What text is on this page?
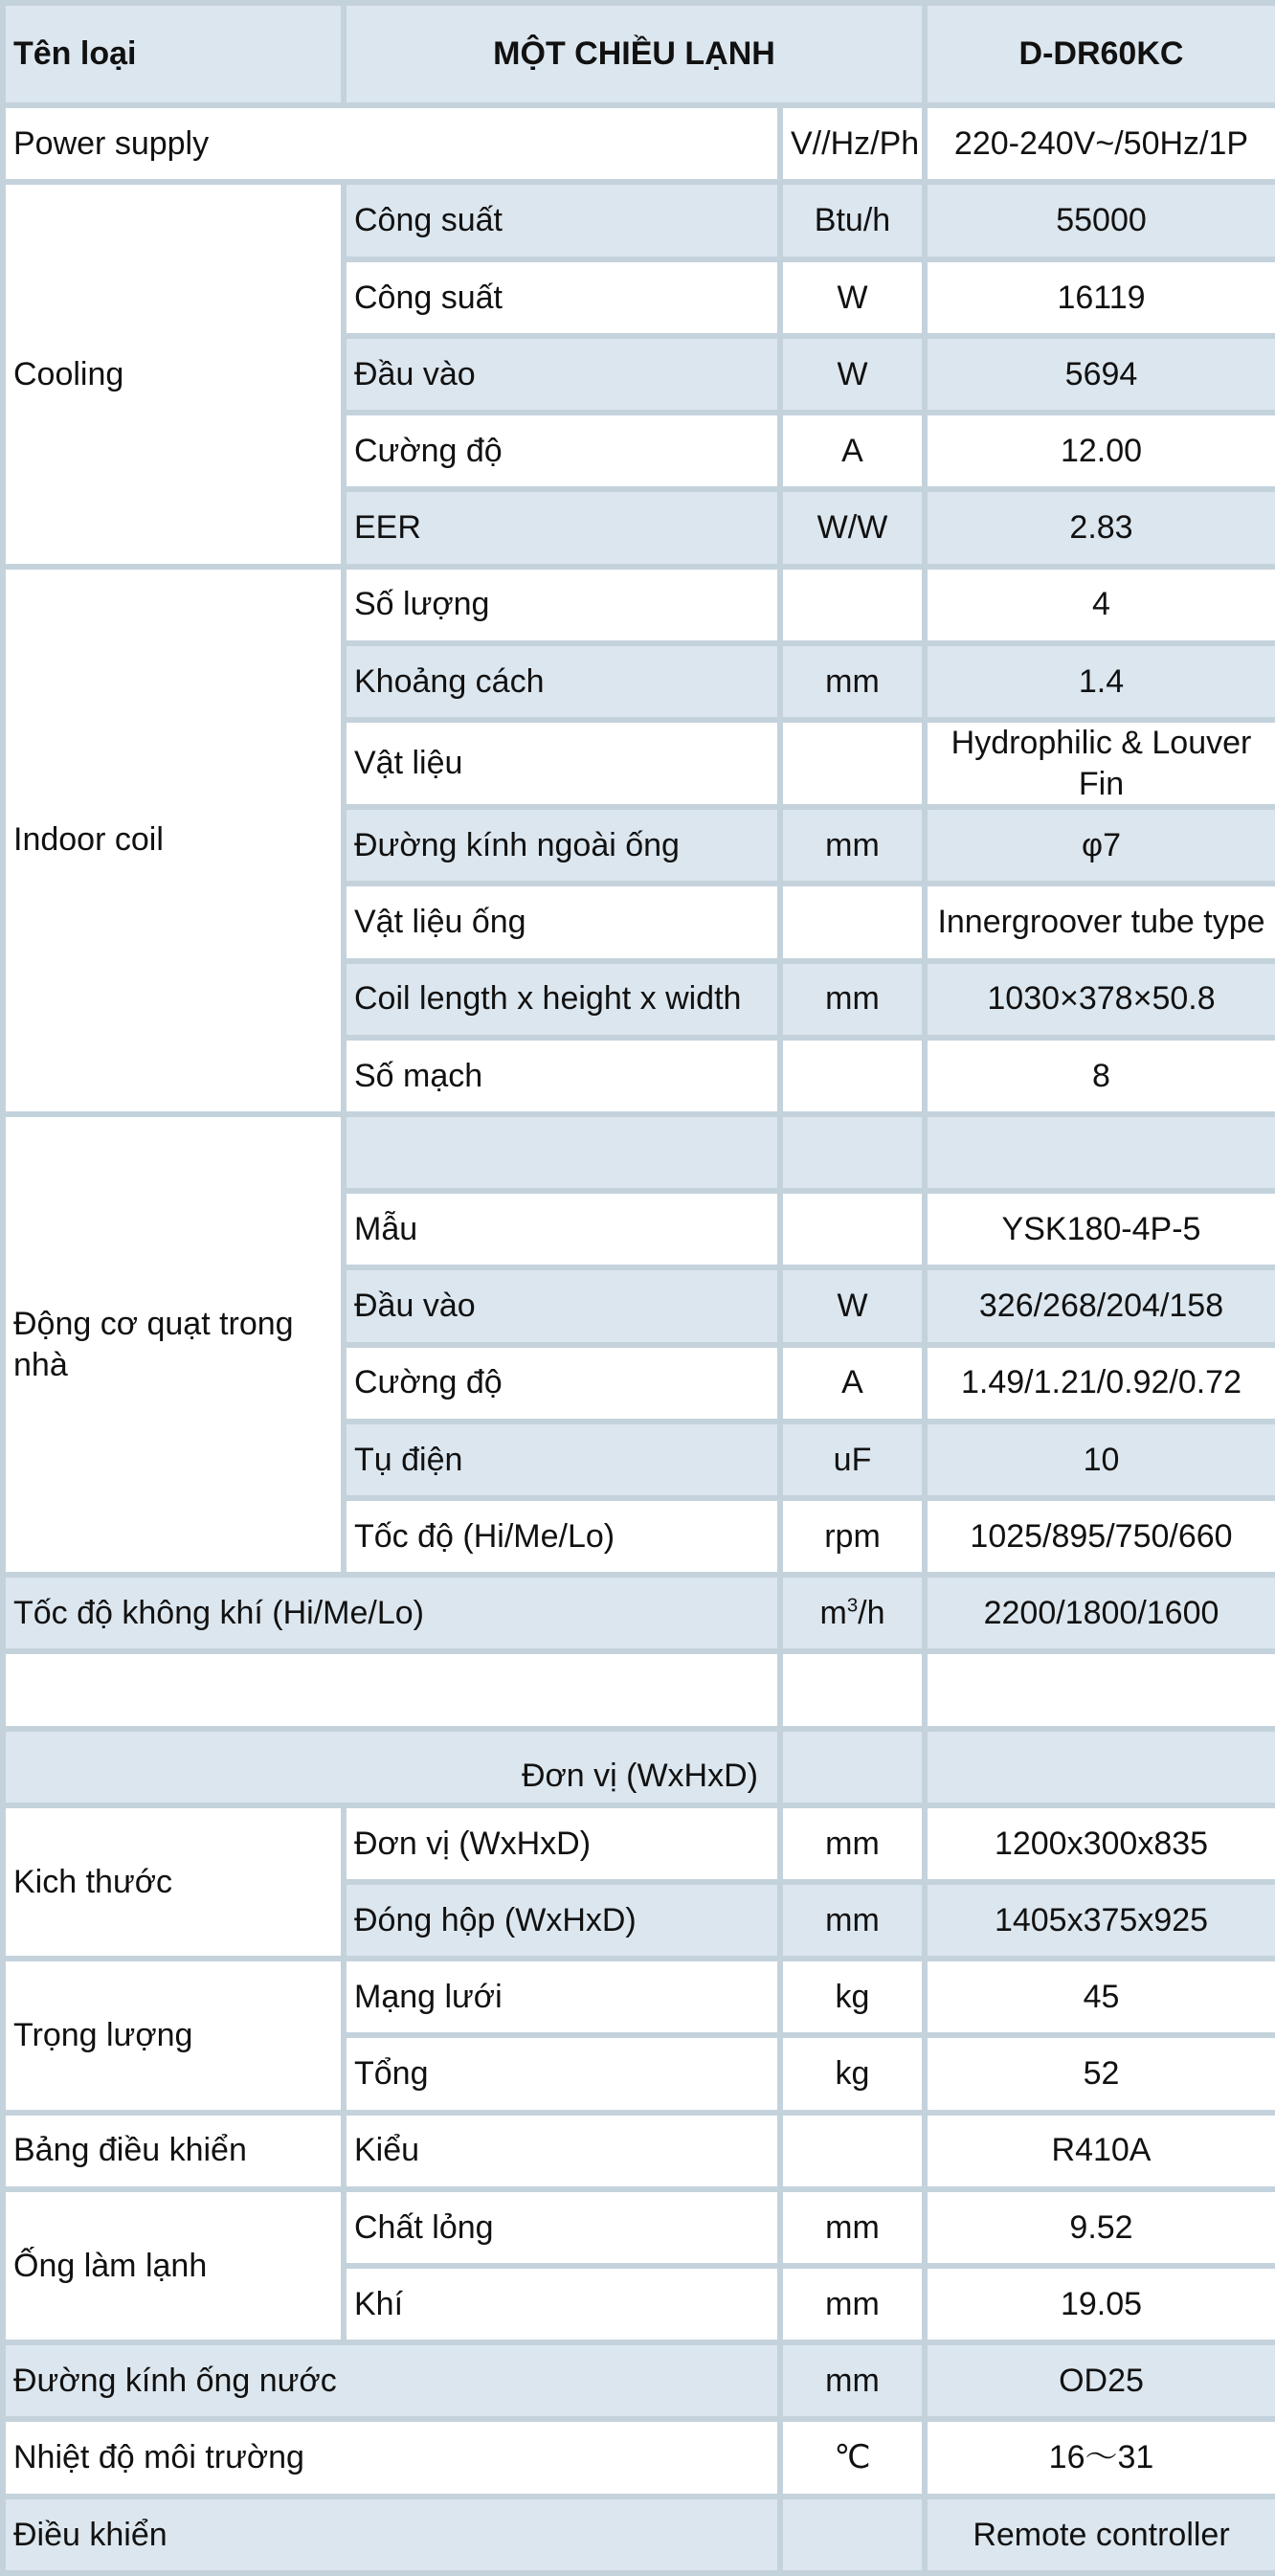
Tên loại	MỘT CHIỀU LẠNH		D-DR60KC
Power supply		V//Hz/Ph	220-240V~/50Hz/1P
Cooling	Công suất	Btu/h	55000
	Công suất	W	16119
	Đầu vào	W	5694
	Cường độ	A	12.00
	EER	W/W	2.83
Indoor coil	Số lượng		4
	Khoảng cách	mm	1.4
	Vật liệu		Hydrophilic & Louver Fin
	Đường kính ngoài ống	mm	φ7
	Vật liệu ống		Innergroover tube type
	Coil length x height x width	mm	1030×378×50.8
	Số mạch		8
Động cơ quạt trong nhà			
	Mẫu		YSK180-4P-5
	Đầu vào	W	326/268/204/158
	Cường độ	A	1.49/1.21/0.92/0.72
	Tụ điện	uF	10
	Tốc độ (Hi/Me/Lo)	rpm	1025/895/750/660
Tốc độ không khí (Hi/Me/Lo)		$m^3/h$	2200/1800/1600

Đơn vị (WxHxD)			
Kich thước	Đơn vị (WxHxD)	mm	1200x300x835
	Đóng hộp (WxHxD)	mm	1405x375x925
Trọng lượng	Mạng lưới	kg	45
	Tổng	kg	52
Bảng điều khiển	Kiểu		R410A
Ống làm lạnh	Chất lỏng	mm	9.52
	Khí	mm	19.05
Đường kính ống nước		mm	OD25
Nhiệt độ môi trường		℃	16～31
Điều khiển			Remote controller
